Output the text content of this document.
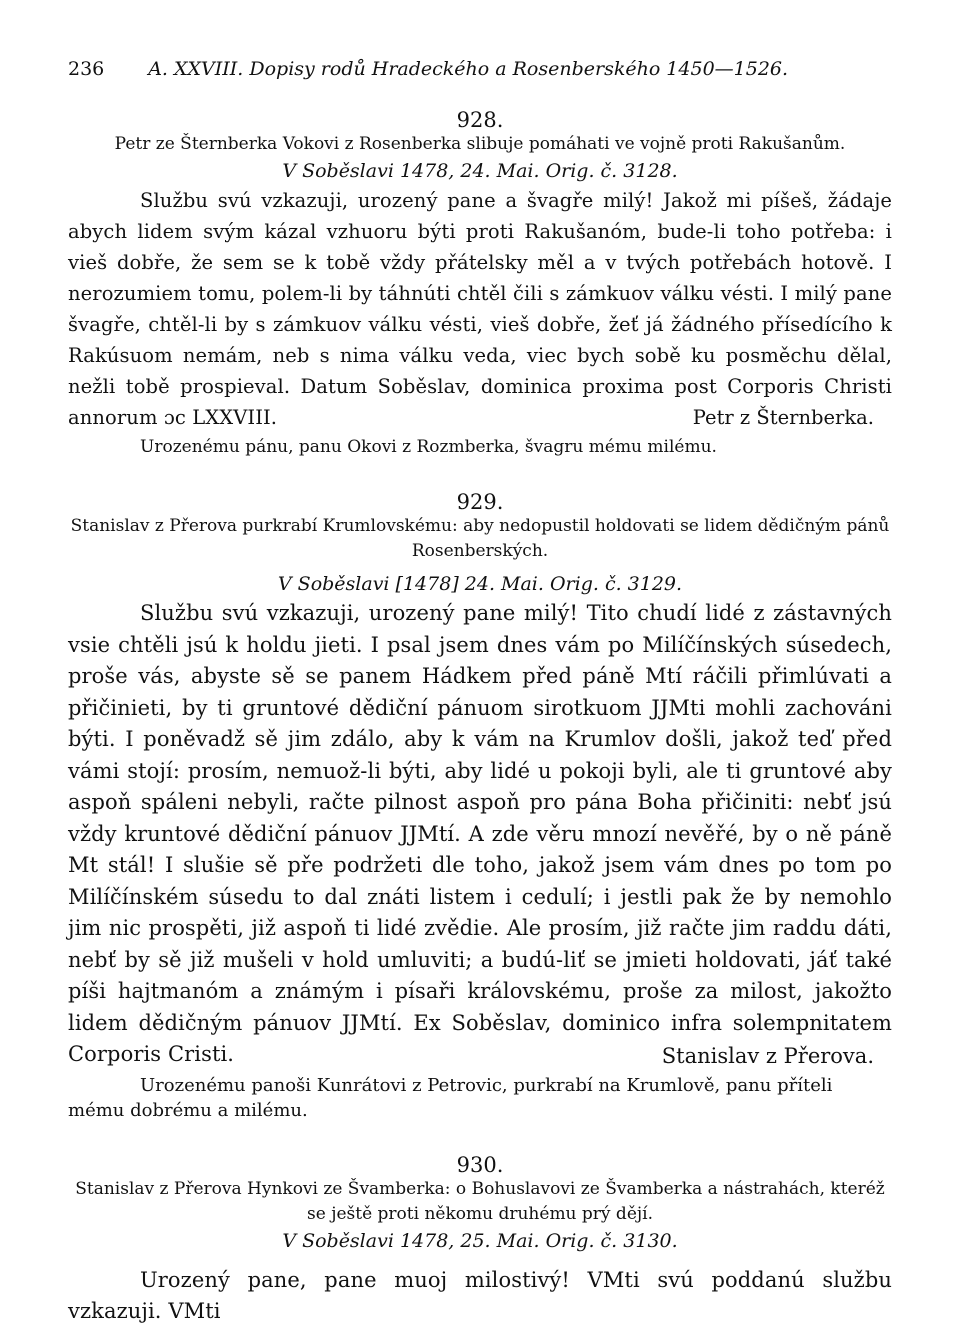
236	A. XXVIII. Dopisy rodů Hradeckého a Rosenberského 1450—1526.

928.

Petr ze Šternberka Vokovi z Rosenberka slibuje pomáhati ve vojně proti Rakušanům.

V Soběslavi 1478, 24. Mai. Orig. č. 3128.

Službu svú vzkazuji, urozený pane a švagře milý! Jakož mi píšeš, žádaje abych lidem svým kázal vzhuoru býti proti Rakušanóm, bude-li toho potřeba: i vieš dobře, že sem se k tobě vždy přátelsky měl a v tvých potřebách hotově. I nerozumiem tomu, polem-li by táhnúti chtěl čili s zámkuov válku vésti. I milý pane švagře, chtěl-li by s zámkuov válku vésti, vieš dobře, žeť já žádného přísedícího k Rakúsuom nemám, neb s nima válku veda, viec bych sobě ku posměchu dělal, nežli tobě prospieval. Datum Soběslav, dominica proxima post Corporis Christi annorum ɔc LXXVIII.	Petr z Šternberka.

Urozenému pánu, panu Okovi z Rozmberka, švagru mému milému.

929.

Stanislav z Přerova purkrabí Krumlovskému: aby nedopustil holdovati se lidem dědičným pánů Rosenberských.

V Soběslavi [1478] 24. Mai. Orig. č. 3129.

Službu svú vzkazuji, urozený pane milý! Tito chudí lidé z zástavných vsie chtěli jsú k holdu jieti. I psal jsem dnes vám po Milíčínských súsedech, proše vás, abyste sě se panem Hádkem před páně Mtí ráčili přimlúvati a přičinieti, by ti gruntové dědiční pánuom sirotkuom JJMti mohli zachováni býti. I poněvadž sě jim zdálo, aby k vám na Krumlov došli, jakož teď před vámi stojí: prosím, nemuož-li býti, aby lidé u pokoji byli, ale ti gruntové aby aspoň spáleni nebyli, račte pilnost aspoň pro pána Boha přičiniti: nebť jsú vždy kruntové dědiční pánuov JJMtí. A zde věru mnozí nevěřé, by o ně páně Mt stál! I slušie sě pře podržeti dle toho, jakož jsem vám dnes po tom po Milíčínském súsedu to dal znáti listem i cedulí; i jestli pak že by nemohlo jim nic prospěti, již aspoň ti lidé zvědie. Ale prosím, již račte jim raddu dáti, nebť by sě již mušeli v hold umluviti; a budú-liť se jmieti holdovati, jáť také píši hajtmanóm a známým i písaři královskému, proše za milost, jakožto lidem dědičným pánuov JJMtí. Ex Soběslav, dominico infra solempnitatem Corporis Cristi.	Stanislav z Přerova.

Urozenému panoši Kunrátovi z Petrovic, purkrabí na Krumlově, panu příteli mému dobrému a milému.

930.

Stanislav z Přerova Hynkovi ze Švamberka: o Bohuslavovi ze Švamberka a nástrahách, kteréž se ještě proti někomu druhému prý dějí.

V Soběslavi 1478, 25. Mai. Orig. č. 3130.

Urozený pane, pane muoj milostivý! VMti svú poddanú službu vzkazuji. VMti
